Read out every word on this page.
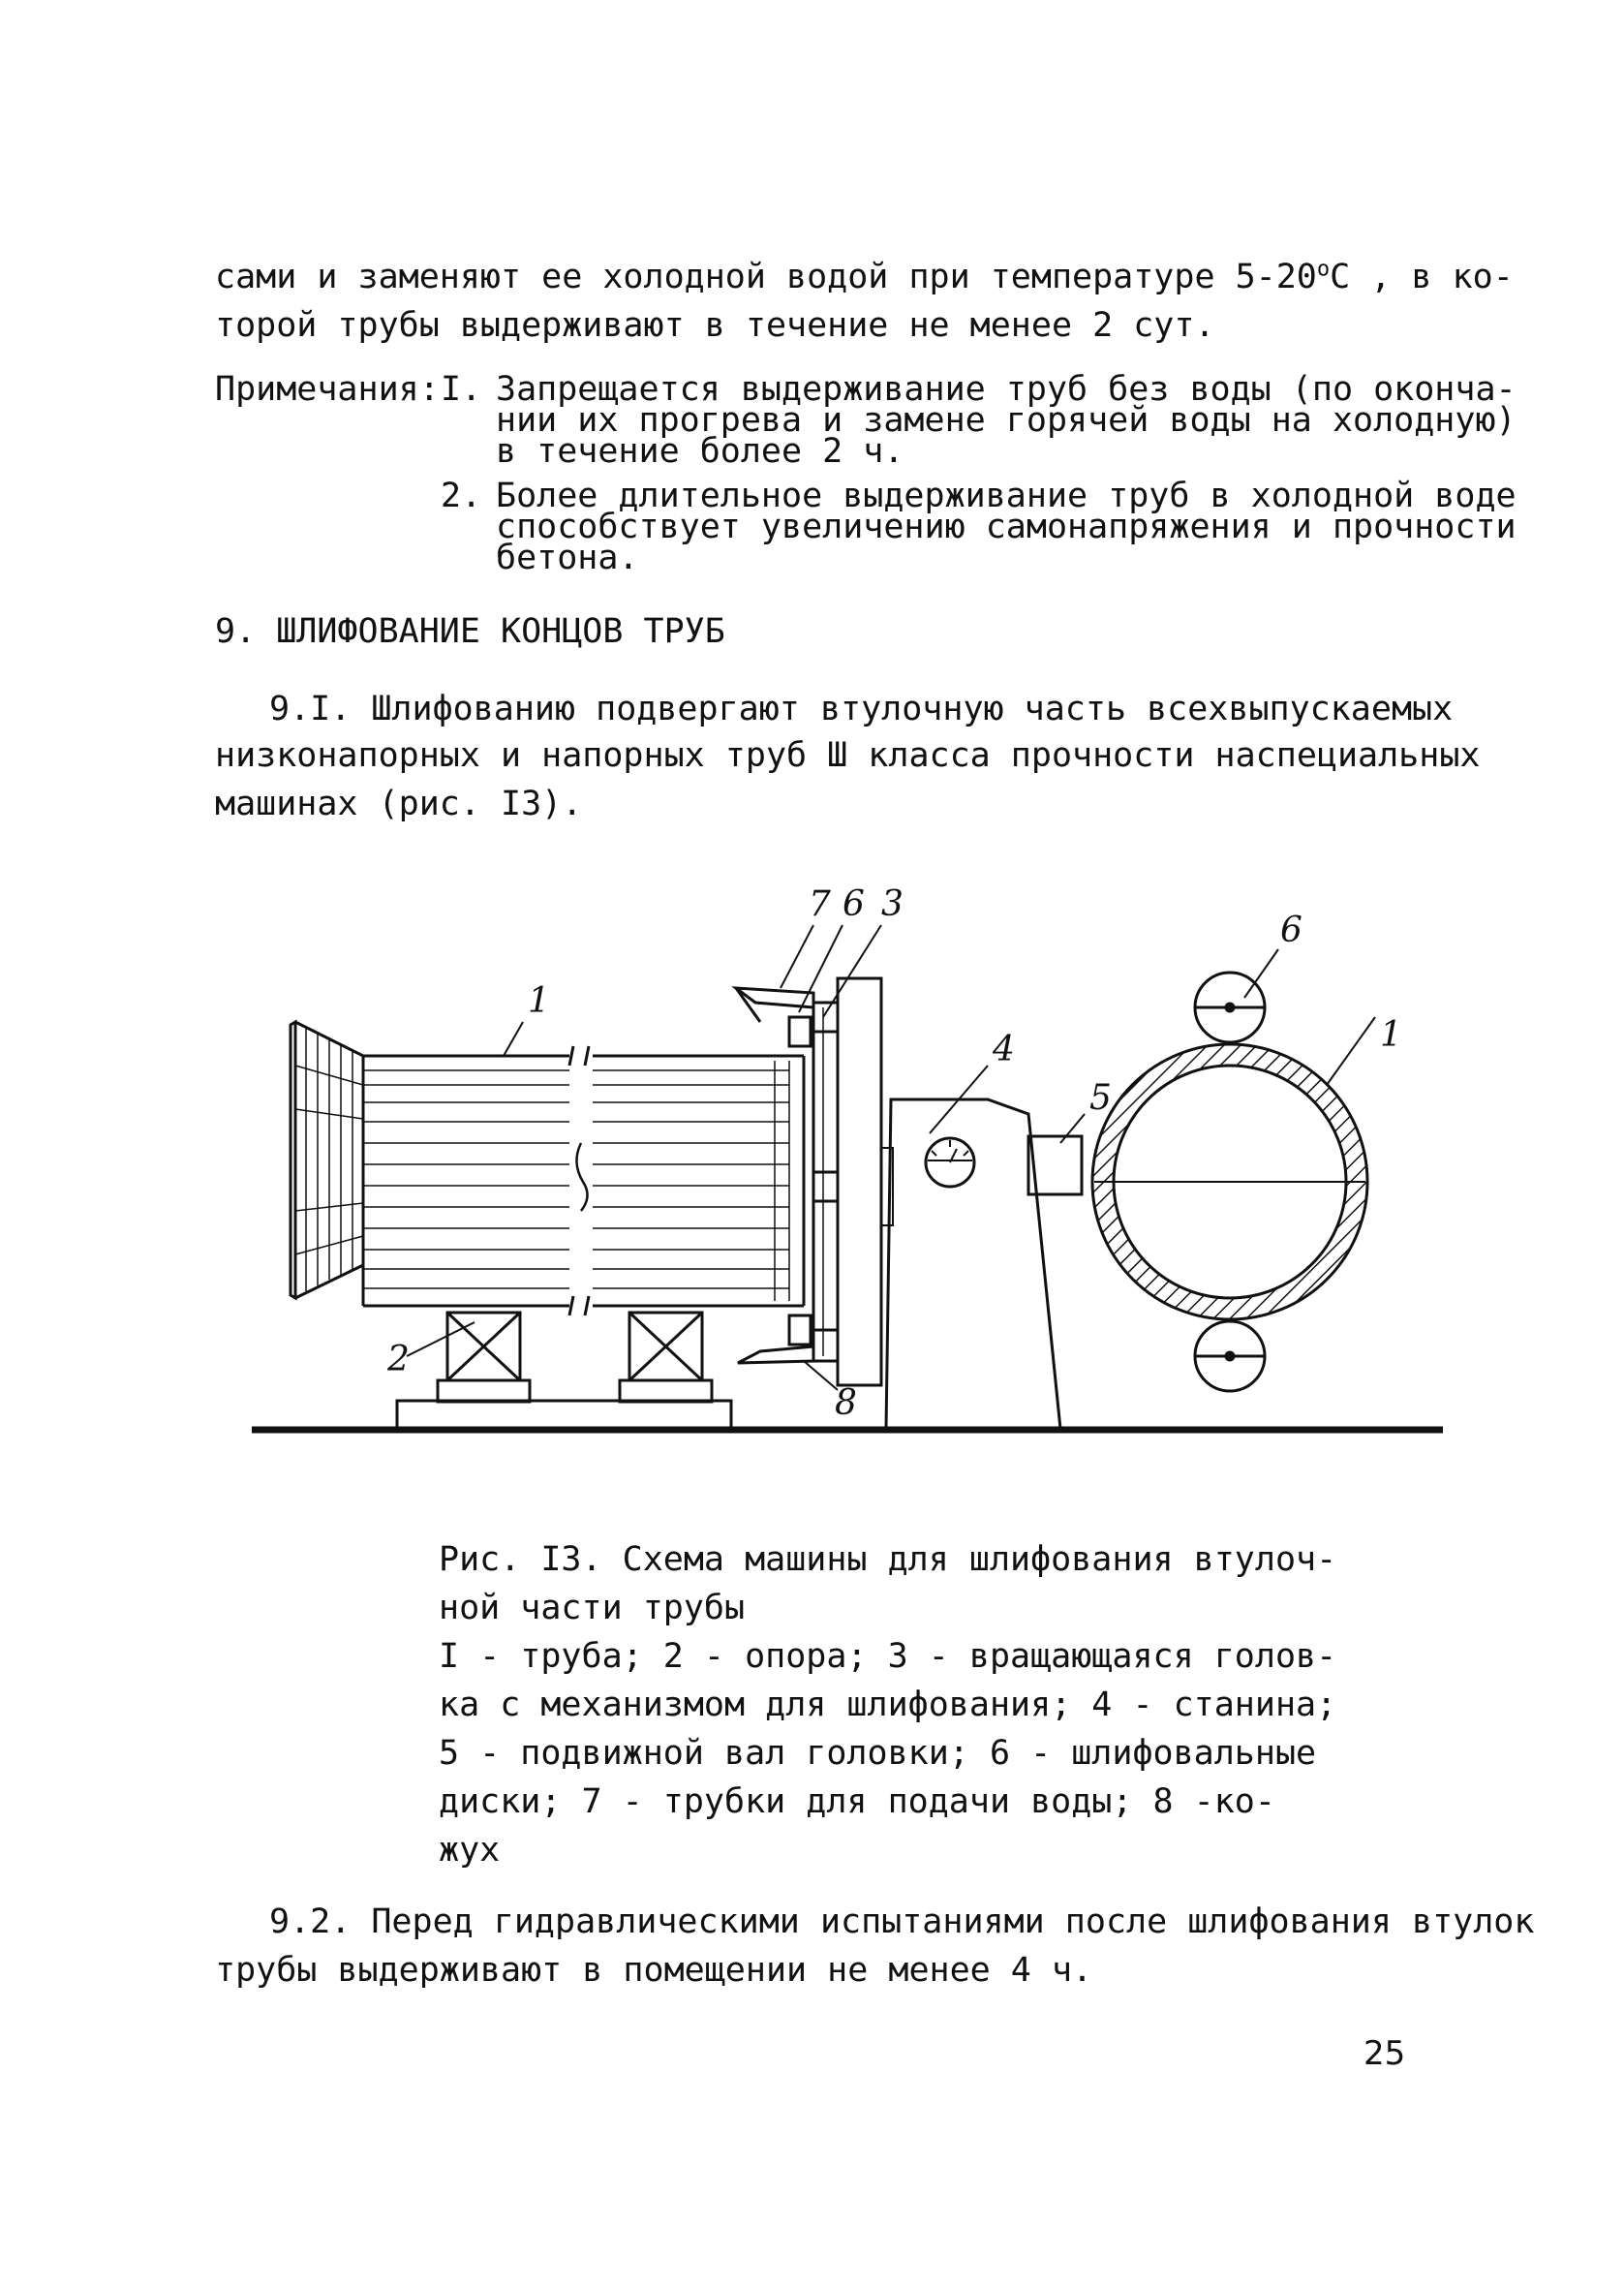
сами и заменяют ее холодной водой при температуре $5-20^оС$ , в ко-
торой трубы выдерживают в течение не менее 2 сут.
Примечания: I. Запрещается выдерживание труб без воды (по оконча-
нии их прогрева и замене горячей воды на холодную)
в течение более 2 ч.
2. Более длительное выдерживание труб в холодной воде
способствует увеличению самонапряжения и прочности
бетона.
9. ШЛИФОВАНИЕ КОНЦОВ ТРУБ
9.I. Шлифованию подвергают втулочную часть всех выпускаемых
низконапорных и напорных труб Ш класса прочности на специальных
машинах (рис. I3).
1
2
3
4
5
6
6
7
8
1
Рис. I3. Схема машины для шлифования втулоч-
ной части трубы
I - труба; 2 - опора; 3 - вращающаяся голов-
ка с механизмом для шлифования; 4 - станина;
5 - подвижной вал головки; 6 - шлифовальные
диски; 7 - трубки для подачи воды; 8 - ко-
жух
9.2. Перед гидравлическими испытаниями после шлифования втулок
трубы выдерживают в помещении не менее 4 ч.
25
